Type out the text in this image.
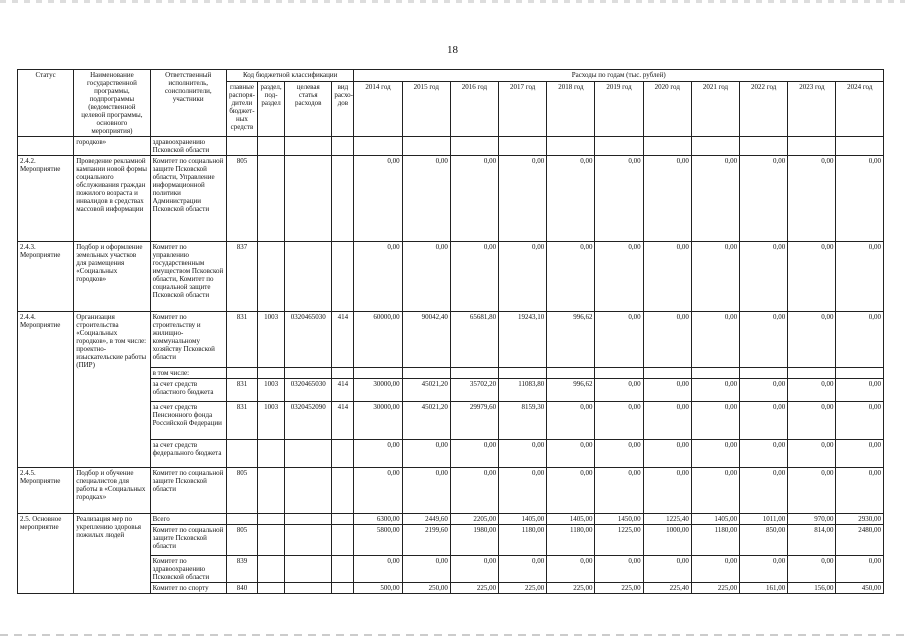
18
Статус	Наименование государственной программы, подпрограммы (ведомственной целевой программы, основного мероприятия)	Ответственный исполнитель, соисполнители, участники	Код бюджетной классификации				Расходы по годам (тыс. рублей)										
			главные распоря-дители бюджет-ных средств	раздел, под-раздел	целевая статья расходов	вид расхо-дов	2014 год	2015 год	2016 год	2017 год	2018 год	2019 год	2020 год	2021 год	2022 год	2023 год	2024 год
	городков»	здравоохранению Псковской области															
2.4.2. Мероприятие	Проведение рекламной кампании новой формы социального обслуживания граждан пожилого возраста и инвалидов в средствах массовой информации	Комитет по социальной защите Псковской области, Управление информационной политики Администрации Псковской области	805				0,00	0,00	0,00	0,00	0,00	0,00	0,00	0,00	0,00	0,00	0,00
2.4.3. Мероприятие	Подбор и оформление земельных участков для размещения «Социальных городков»	Комитет по управлению государственным имуществом Псковской области, Комитет по социальной защите Псковской области	837				0,00	0,00	0,00	0,00	0,00	0,00	0,00	0,00	0,00	0,00	0,00
2.4.4. Мероприятие	Организация строительства «Социальных городков», в том числе: проектно-изыскательские работы (ПИР)	Комитет по строительству и жилищно-коммунальному хозяйству Псковской области	831	1003	0320465030	414	60000,00	90042,40	65681,80	19243,10	996,62	0,00	0,00	0,00	0,00	0,00	0,00
		в том числе:															
		за счет средств областного бюджета	831	1003	0320465030	414	30000,00	45021,20	35702,20	11083,80	996,62	0,00	0,00	0,00	0,00	0,00	0,00
		за счет средств Пенсионного фонда Российской Федерации	831	1003	0320452090	414	30000,00	45021,20	29979,60	8159,30	0,00	0,00	0,00	0,00	0,00	0,00	0,00
		за счет средств федерального бюджета					0,00	0,00	0,00	0,00	0,00	0,00	0,00	0,00	0,00	0,00	0,00
2.4.5. Мероприятие	Подбор и обучение специалистов для работы в «Социальных городках»	Комитет по социальной защите Псковской области	805				0,00	0,00	0,00	0,00	0,00	0,00	0,00	0,00	0,00	0,00	0,00
2.5. Основное мероприятие	Реализация мер по укреплению здоровья пожилых людей	Всего					6300,00	2449,60	2205,00	1405,00	1405,00	1450,00	1225,40	1405,00	1011,00	970,00	2930,00
		Комитет по социальной защите Псковской области	805				5800,00	2199,60	1980,00	1180,00	1180,00	1225,00	1000,00	1180,00	850,00	814,00	2480,00
		Комитет по здравоохранению Псковской области	839				0,00	0,00	0,00	0,00	0,00	0,00	0,00	0,00	0,00	0,00	0,00
		Комитет по спорту	840				500,00	250,00	225,00	225,00	225,00	225,00	225,40	225,00	161,00	156,00	450,00
